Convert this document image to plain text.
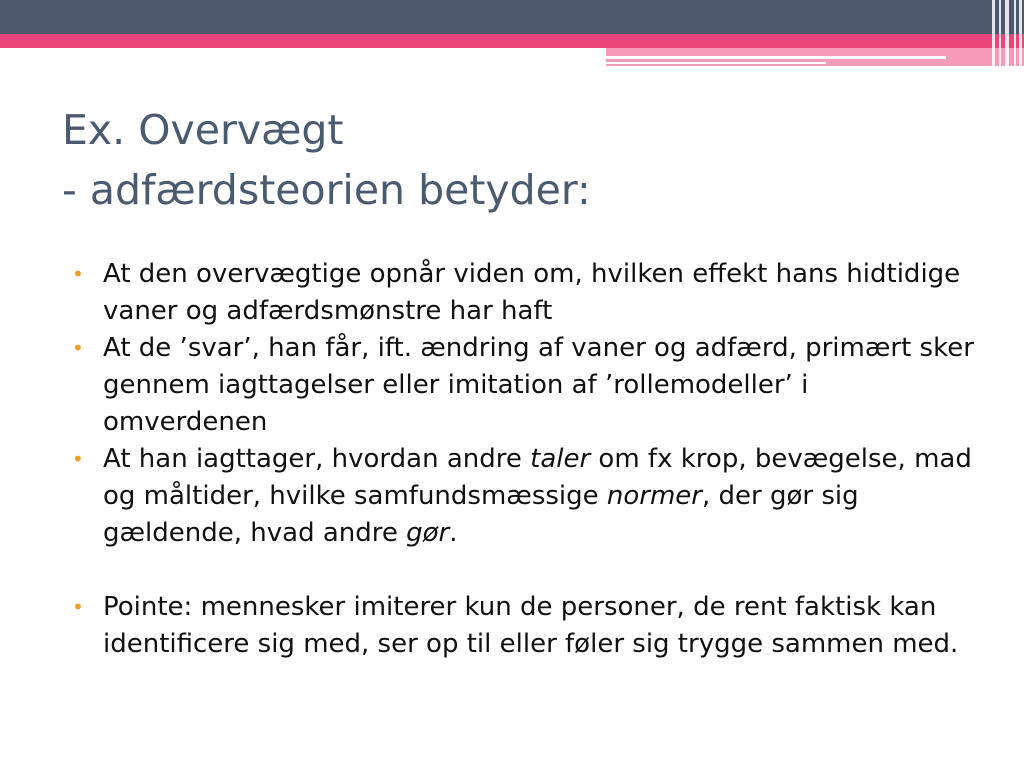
Ex. Overvægt
- adfærdsteorien betyder:
• At den overvægtige opnår viden om, hvilken effekt hans hidtidige vaner og adfærdsmønstre har haft
• At de ’svar’, han får, ift. ændring af vaner og adfærd, primært sker gennem iagttagelser eller imitation af ’rollemodeller’ i omverdenen
• At han iagttager, hvordan andre taler om fx krop, bevægelse, mad og måltider, hvilke samfundsmæssige normer, der gør sig gældende, hvad andre gør.
• Pointe: mennesker imiterer kun de personer, de rent faktisk kan identificere sig med, ser op til eller føler sig trygge sammen med.
